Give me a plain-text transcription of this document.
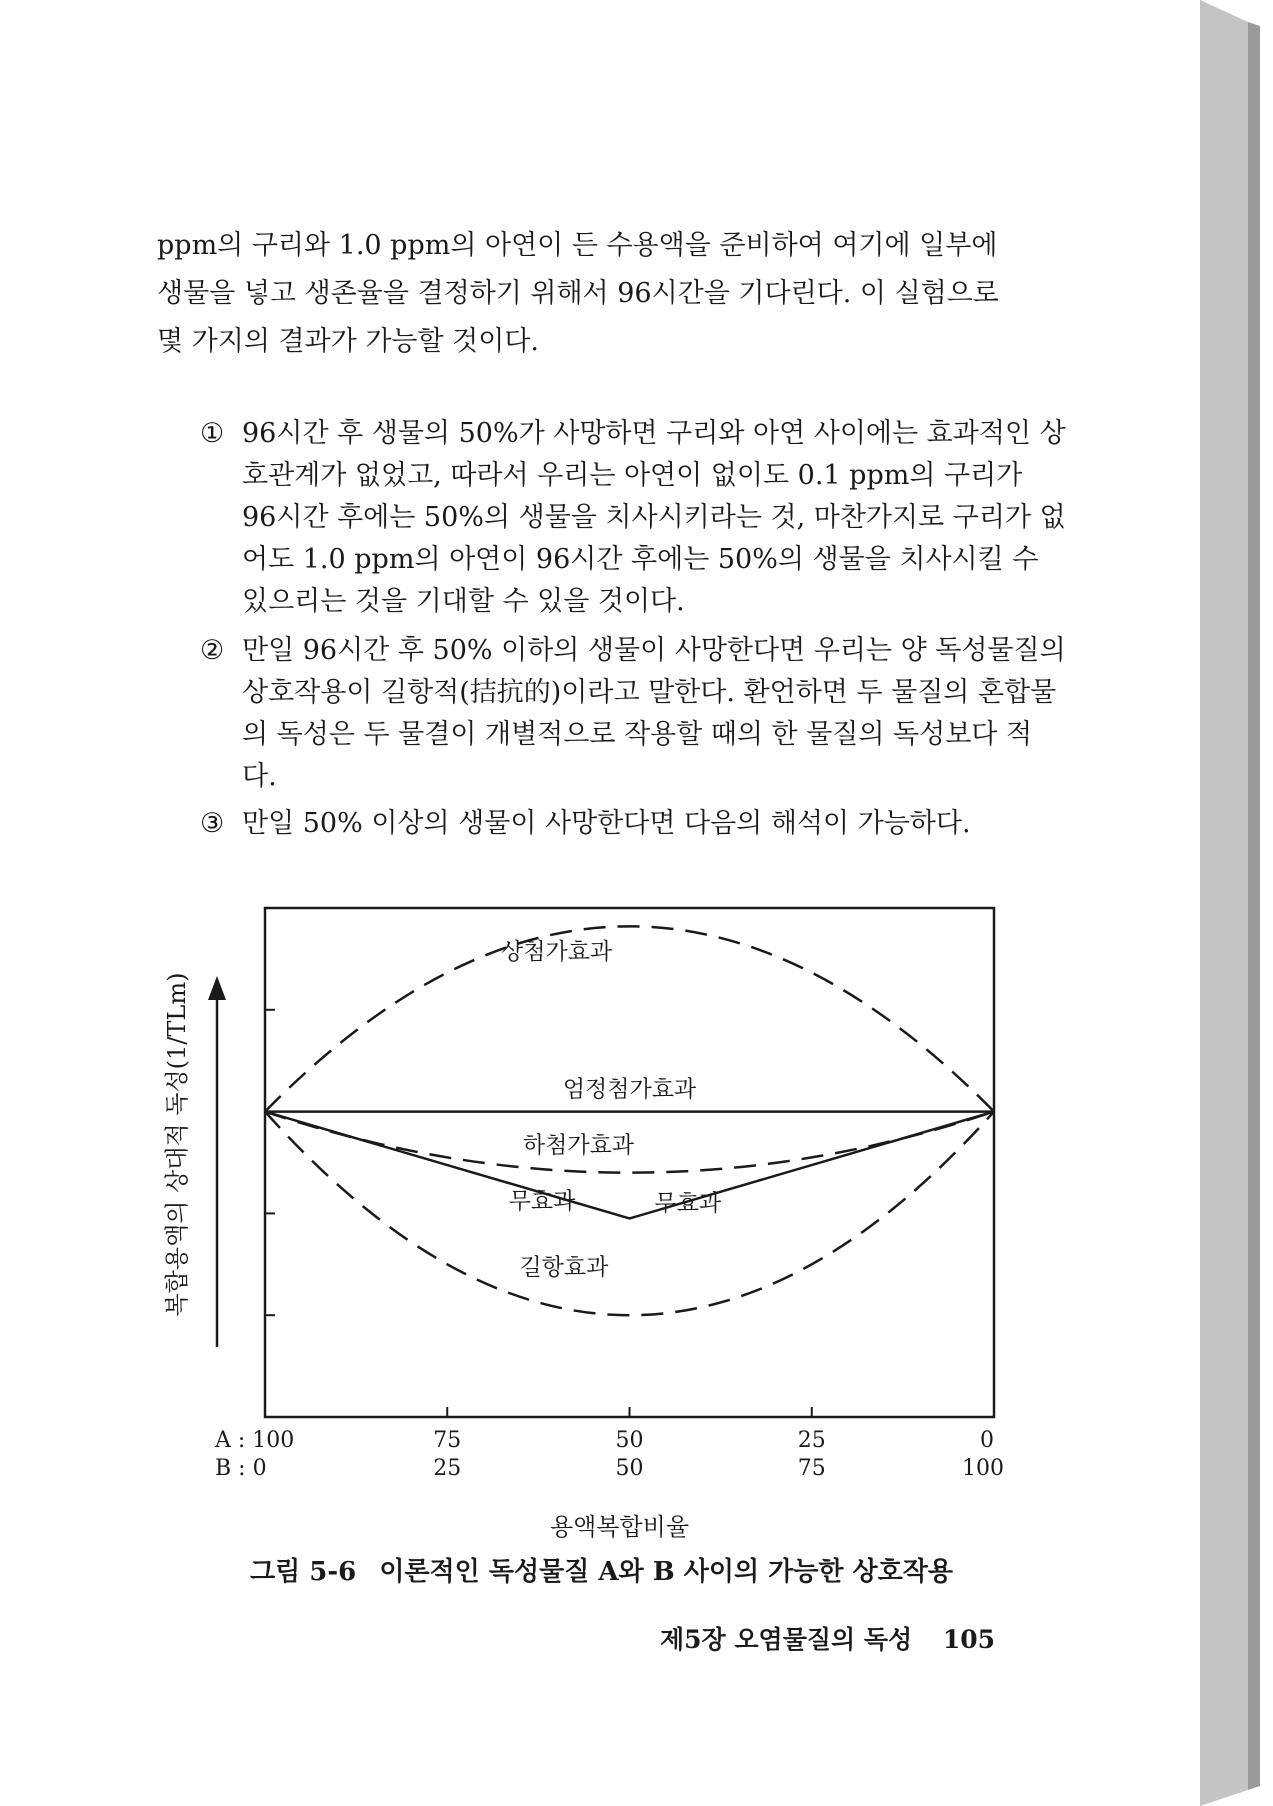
ppm의 구리와 1.0 ppm의 아연이 든 수용액을 준비하여 여기에 일부에
생물을 넣고 생존율을 결정하기 위해서 96시간을 기다린다. 이 실험으로
몇 가지의 결과가 가능할 것이다.
① 96시간 후 생물의 50%가 사망하면 구리와 아연 사이에는 효과적인 상
호관계가 없었고, 따라서 우리는 아연이 없이도 0.1 ppm의 구리가
96시간 후에는 50%의 생물을 치사시키라는 것, 마찬가지로 구리가 없
어도 1.0 ppm의 아연이 96시간 후에는 50%의 생물을 치사시킬 수
있으리는 것을 기대할 수 있을 것이다.
② 만일 96시간 후 50% 이하의 생물이 사망한다면 우리는 양 독성물질의
상호작용이 길항적(拮抗的)이라고 말한다. 환언하면 두 물질의 혼합물
의 독성은 두 물결이 개별적으로 작용할 때의 한 물질의 독성보다 적
다.
③ 만일 50% 이상의 생물이 사망한다면 다음의 해석이 가능하다.
A : 100	75	50	25	0
B : 0	25	50	75	100
용액복합비율
복합용액의 상대적 독성(1/TLm)
상첨가효과
엄정첨가효과
하첨가효과
무효과	무효과
길항효과
그림 5-6 이론적인 독성물질 A와 B 사이의 가능한 상호작용
제5장 오염물질의 독성 105
